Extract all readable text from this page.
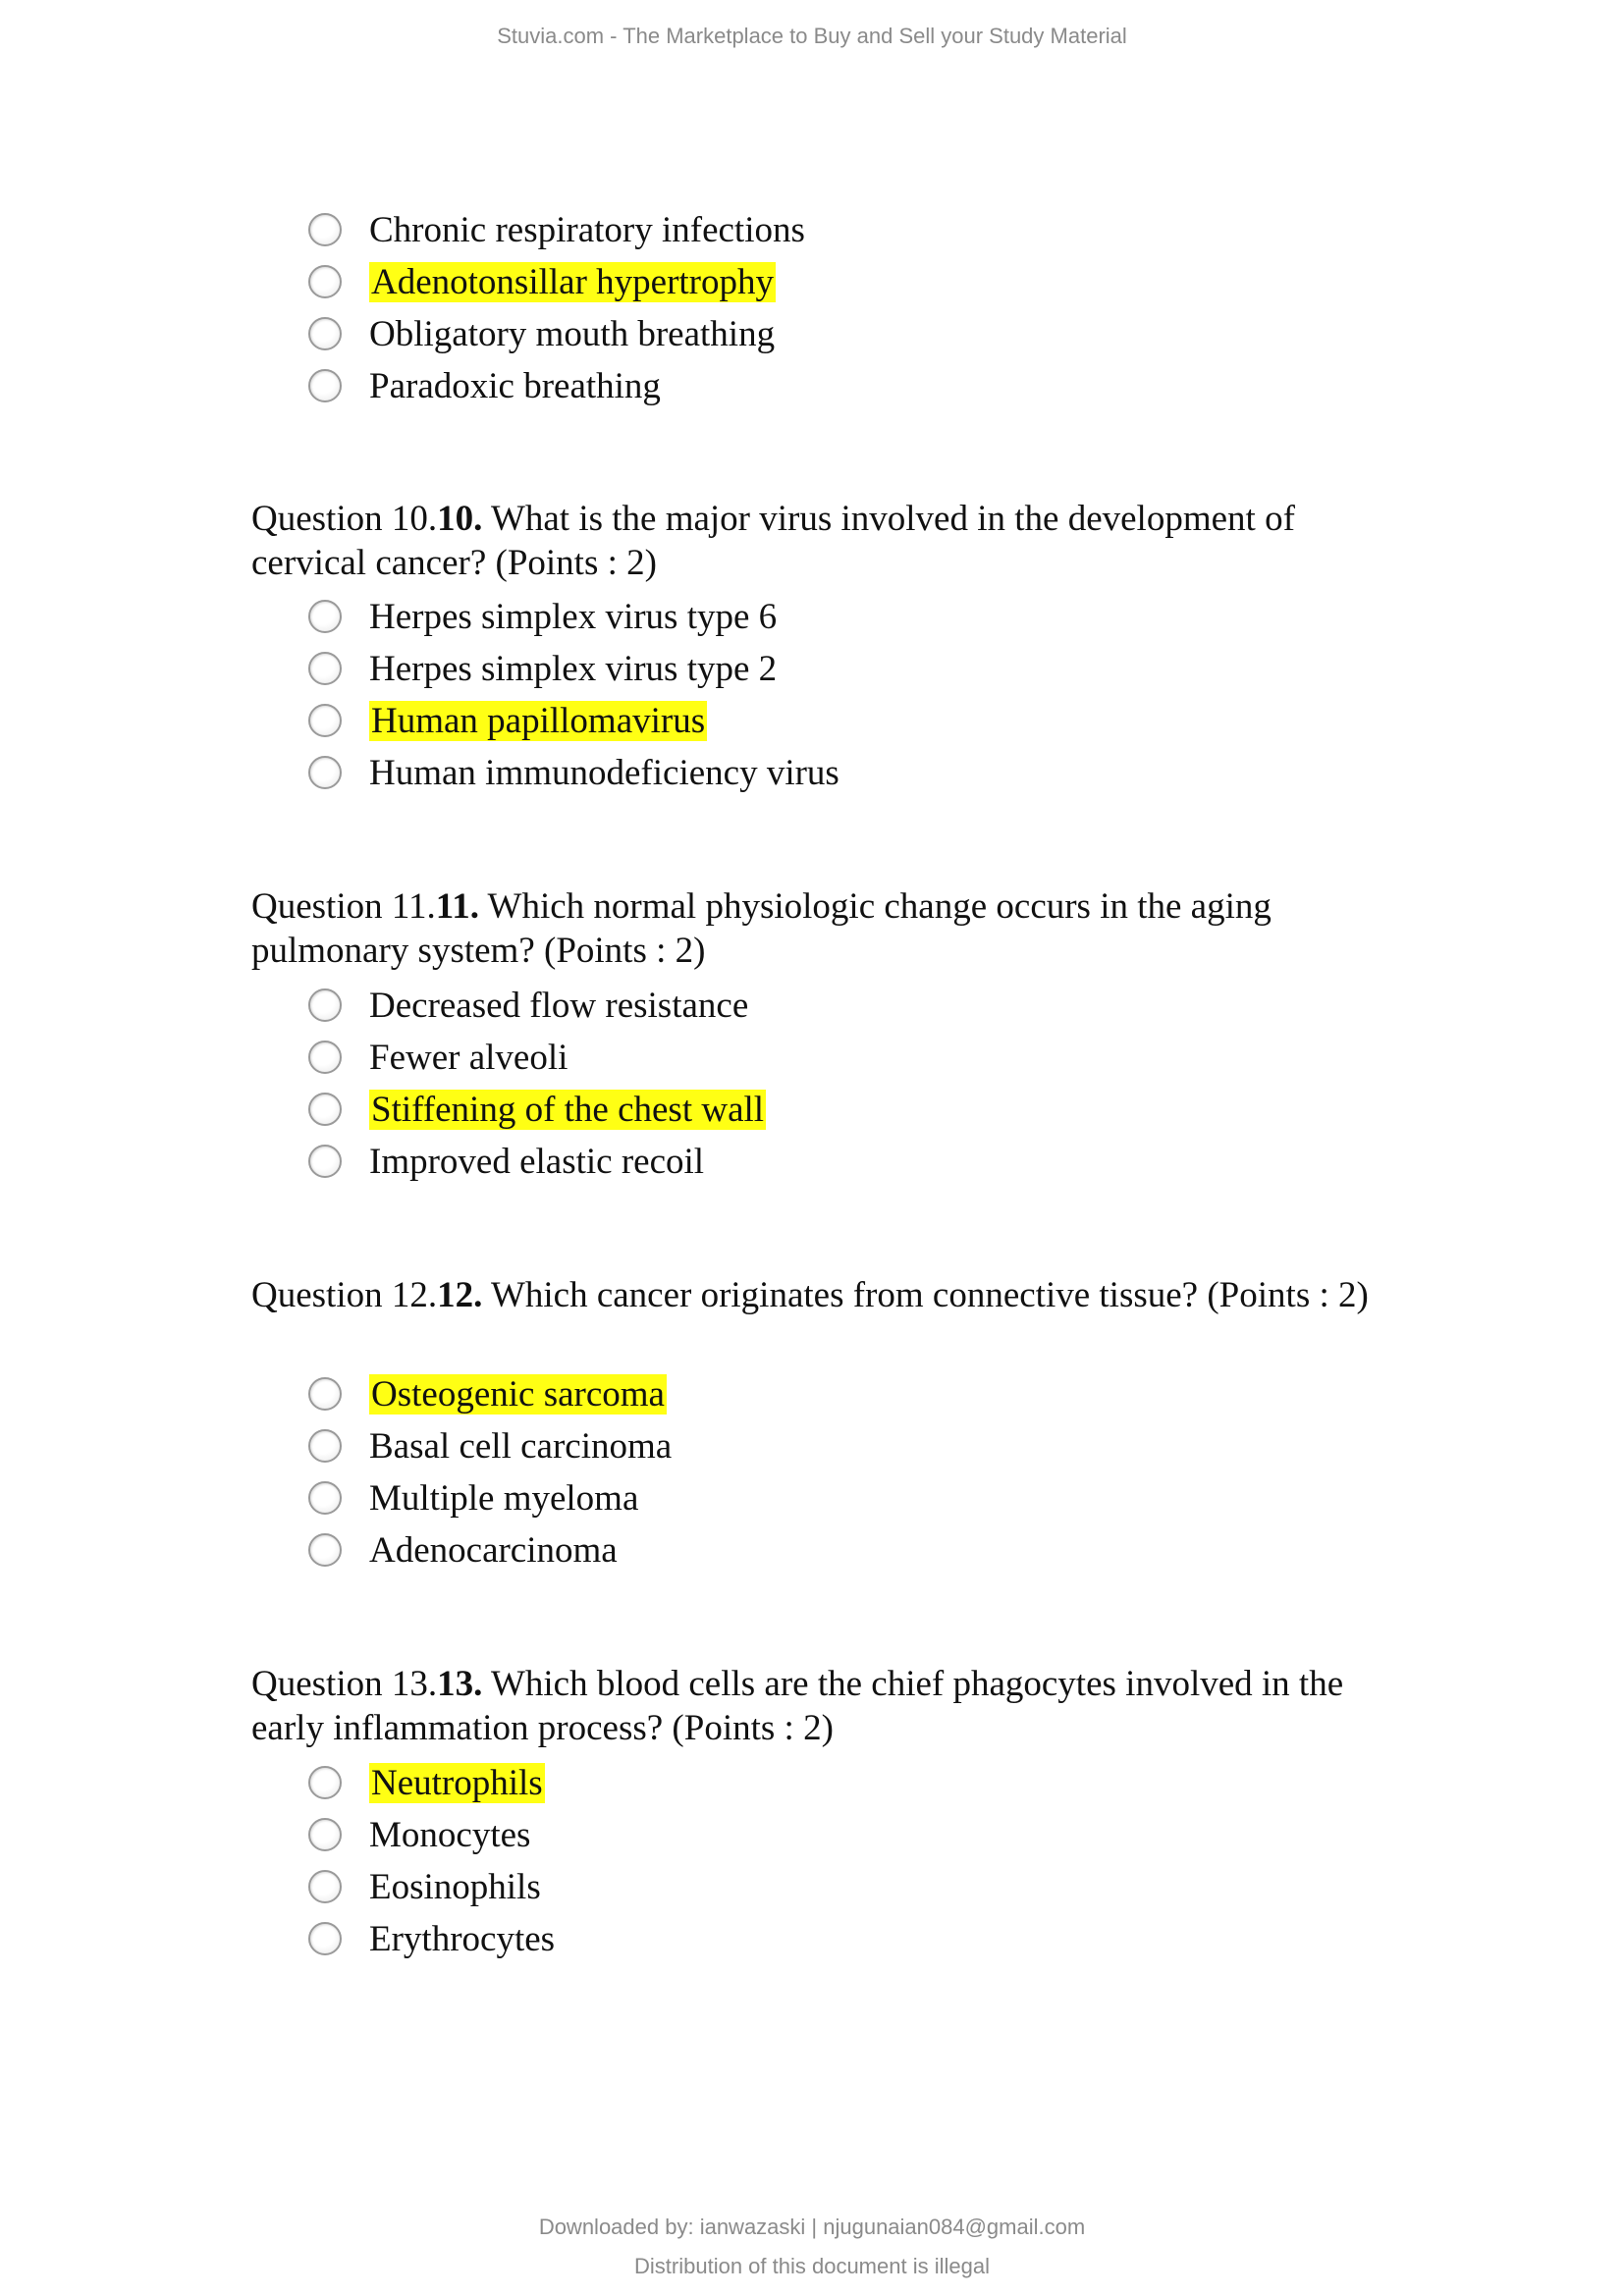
Stuvia.com - The Marketplace to Buy and Sell your Study Material
Chronic respiratory infections
Adenotonsillar hypertrophy
Obligatory mouth breathing
Paradoxic breathing

Question 10.10. What is the major virus involved in the development of cervical cancer? (Points : 2)

Herpes simplex virus type 6
Herpes simplex virus type 2
Human papillomavirus
Human immunodeficiency virus

Question 11.11. Which normal physiologic change occurs in the aging pulmonary system? (Points : 2)

Decreased flow resistance
Fewer alveoli
Stiffening of the chest wall
Improved elastic recoil

Question 12.12. Which cancer originates from connective tissue? (Points : 2)

Osteogenic sarcoma
Basal cell carcinoma
Multiple myeloma
Adenocarcinoma

Question 13.13. Which blood cells are the chief phagocytes involved in the early inflammation process? (Points : 2)

Neutrophils
Monocytes
Eosinophils
Erythrocytes
Downloaded by: ianwazaski | njugunaian084@gmail.com
Distribution of this document is illegal
